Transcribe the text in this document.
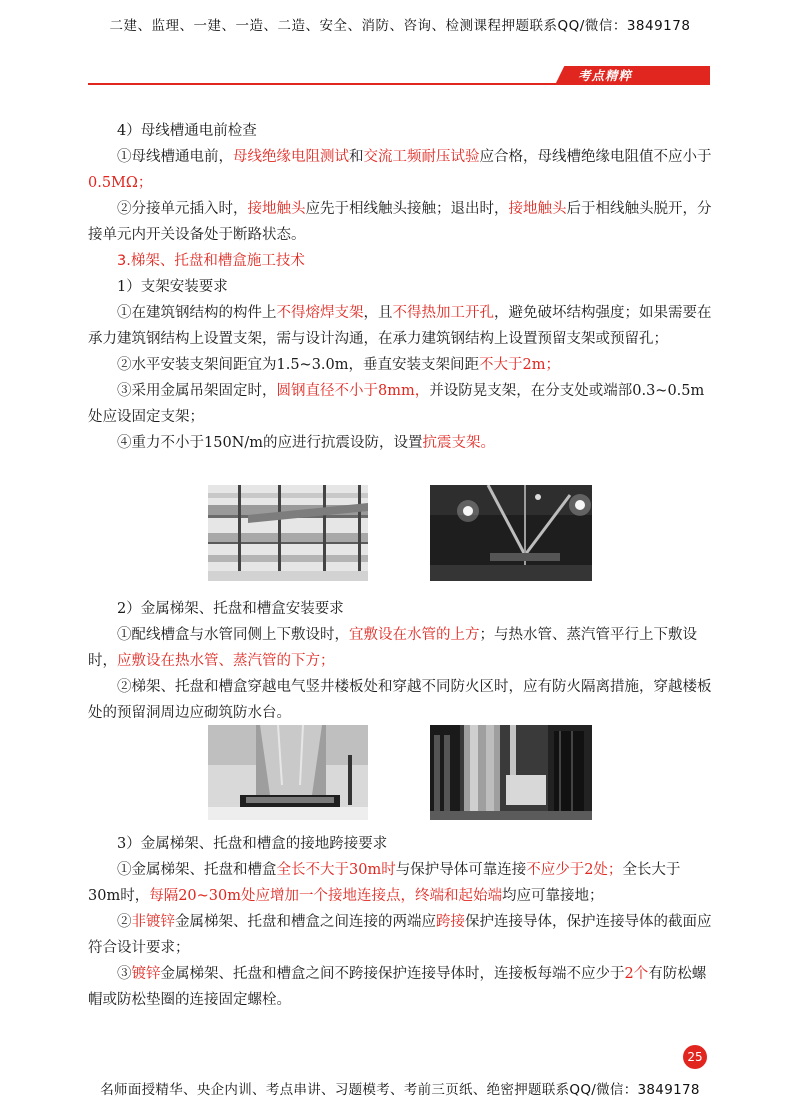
二建、监理、一建、一造、二造、安全、消防、咨询、检测课程押题联系QQ/微信：3849178
考点精粹

4）母线槽通电前检查

①母线槽通电前，母线绝缘电阻测试和交流工频耐压试验应合格，母线槽绝缘电阻值不应小于0.5MΩ；

②分接单元插入时，接地触头应先于相线触头接触；退出时，接地触头后于相线触头脱开，分接单元内开关设备处于断路状态。

3.梯架、托盘和槽盒施工技术

1）支架安装要求

①在建筑钢结构的构件上不得熔焊支架，且不得热加工开孔，避免破坏结构强度；如果需要在承力建筑钢结构上设置支架，需与设计沟通，在承力建筑钢结构上设置预留支架或预留孔；

②水平安装支架间距宜为1.5~3.0m，垂直安装支架间距不大于2m；

③采用金属吊架固定时，圆钢直径不小于8mm，并设防晃支架，在分支处或端部0.3~0.5m处应设固定支架；

④重力不小于150N/m的应进行抗震设防，设置抗震支架。

2）金属梯架、托盘和槽盒安装要求

①配线槽盒与水管同侧上下敷设时，宜敷设在水管的上方；与热水管、蒸汽管平行上下敷设时，应敷设在热水管、蒸汽管的下方；

②梯架、托盘和槽盒穿越电气竖井楼板处和穿越不同防火区时，应有防火隔离措施，穿越楼板处的预留洞周边应砌筑防水台。

3）金属梯架、托盘和槽盒的接地跨接要求

①金属梯架、托盘和槽盒全长不大于30m时与保护导体可靠连接不应少于2处；全长大于30m时，每隔20~30m处应增加一个接地连接点，终端和起始端均应可靠接地；

②非镀锌金属梯架、托盘和槽盒之间连接的两端应跨接保护连接导体，保护连接导体的截面应符合设计要求；

③镀锌金属梯架、托盘和槽盒之间不跨接保护连接导体时，连接板每端不应少于2个有防松螺帽或防松垫圈的连接固定螺栓。

25
名师面授精华、央企内训、考点串讲、习题模考、考前三页纸、绝密押题联系QQ/微信：3849178
